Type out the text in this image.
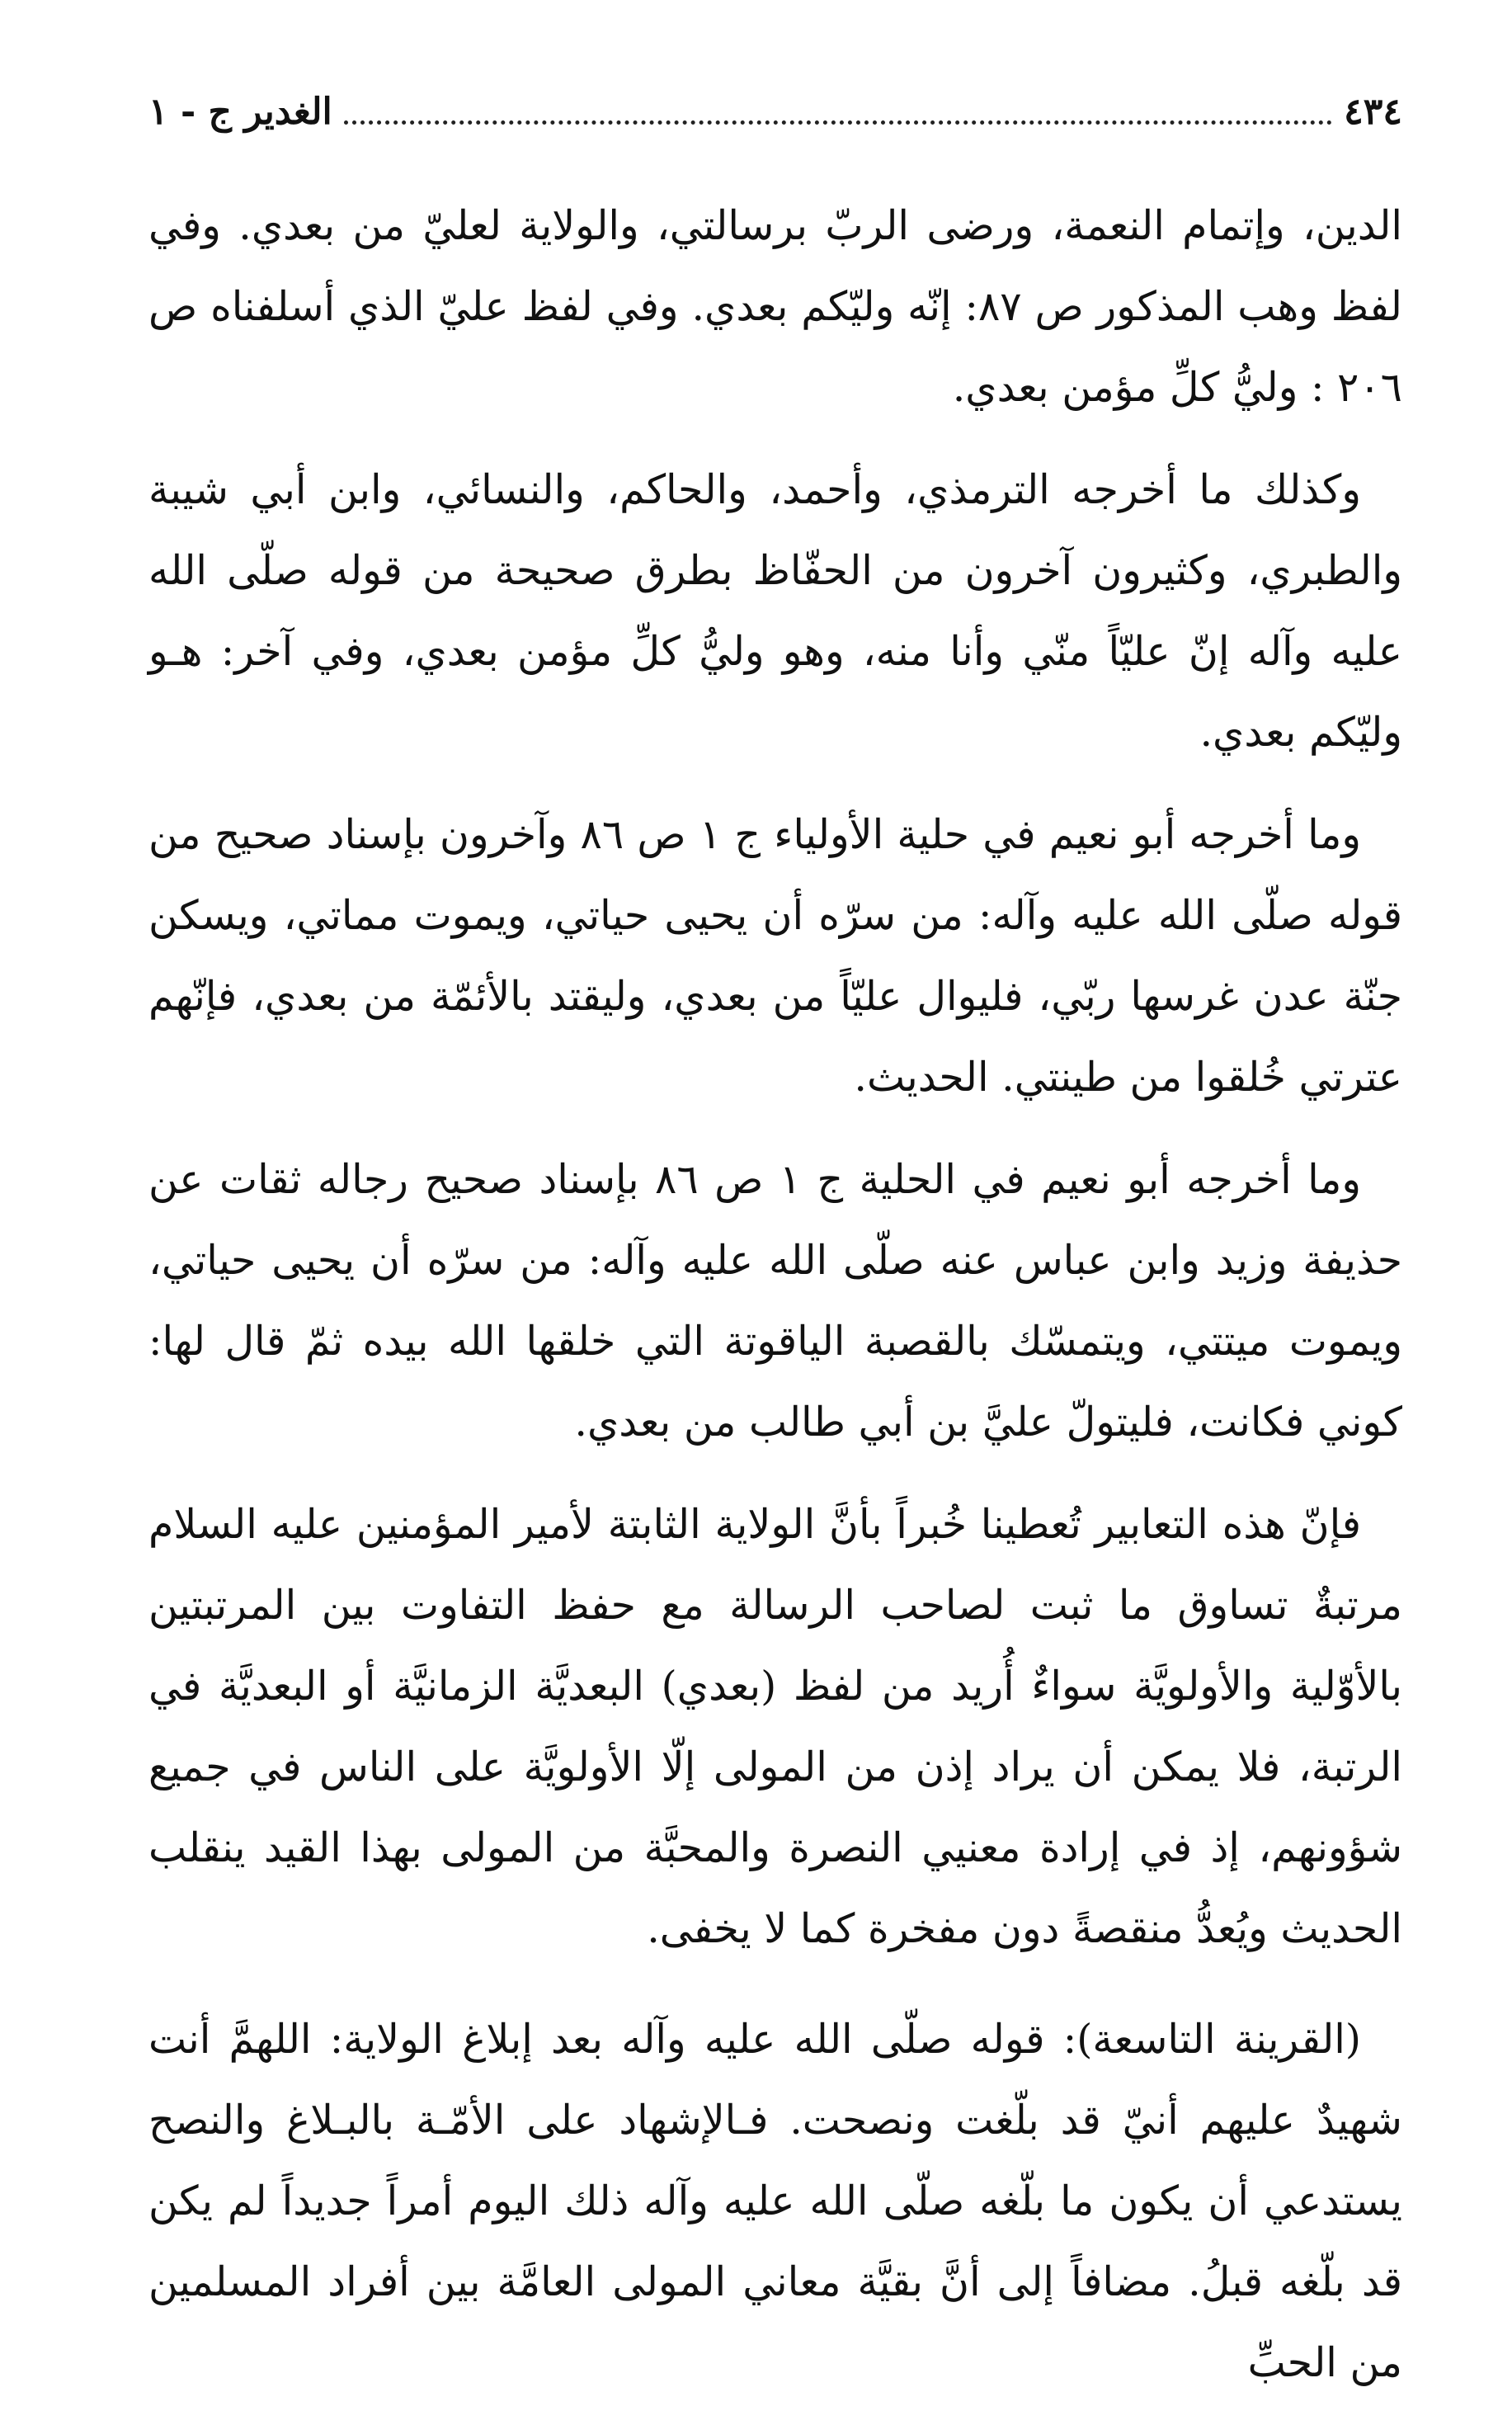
٤٣٤
الغدير ج - ١

الدين، وإتمام النعمة، ورضى الربّ برسالتي، والولاية لعليّ من بعدي. وفي لفظ وهب المذكور ص ٨٧: إنّه وليّكم بعدي. وفي لفظ عليّ الذي أسلفناه ص ٢٠٦ : وليُّ كلِّ مؤمن بعدي.

وكذلك ما أخرجه الترمذي، وأحمد، والحاكم، والنسائي، وابن أبي شيبة والطبري، وكثيرون آخرون من الحفّاظ بطرق صحيحة من قوله صلّى الله عليه وآله إنّ عليّاً منّي وأنا منه، وهو وليُّ كلِّ مؤمن بعدي، وفي آخر: هـو وليّكم بعدي.

وما أخرجه أبو نعيم في حلية الأولياء ج ١ ص ٨٦ وآخرون بإسناد صحيح من قوله صلّى الله عليه وآله: من سرّه أن يحيى حياتي، ويموت مماتي، ويسكن جنّة عدن غرسها ربّي، فليوال عليّاً من بعدي، وليقتد بالأئمّة من بعدي، فإنّهم عترتي خُلقوا من طينتي. الحديث.

وما أخرجه أبو نعيم في الحلية ج ١ ص ٨٦ بإسناد صحيح رجاله ثقات عن حذيفة وزيد وابن عباس عنه صلّى الله عليه وآله: من سرّه أن يحيى حياتي، ويموت ميتتي، ويتمسّك بالقصبة الياقوتة التي خلقها الله بيده ثمّ قال لها: كوني فكانت، فليتولّ عليَّ بن أبي طالب من بعدي.

فإنّ هذه التعابير تُعطينا خُبراً بأنَّ الولاية الثابتة لأمير المؤمنين عليه السلام مرتبةٌ تساوق ما ثبت لصاحب الرسالة مع حفظ التفاوت بين المرتبتين بالأوّلية والأولويَّة سواءٌ أُريد من لفظ (بعدي) البعديَّة الزمانيَّة أو البعديَّة في الرتبة، فلا يمكن أن يراد إذن من المولى إلّا الأولويَّة على الناس في جميع شؤونهم، إذ في إرادة معنيي النصرة والمحبَّة من المولى بهذا القيد ينقلب الحديث ويُعدُّ منقصةً دون مفخرة كما لا يخفى.

(القرينة التاسعة): قوله صلّى الله عليه وآله بعد إبلاغ الولاية: اللهمَّ أنت شهيدٌ عليهم أنيّ قد بلّغت ونصحت. فـالإشهاد على الأمّـة بالبـلاغ والنصح يستدعي أن يكون ما بلّغه صلّى الله عليه وآله ذلك اليوم أمراً جديداً لم يكن قد بلّغه قبلُ. مضافاً إلى أنَّ بقيَّة معاني المولى العامَّة بين أفراد المسلمين من الحبِّ
